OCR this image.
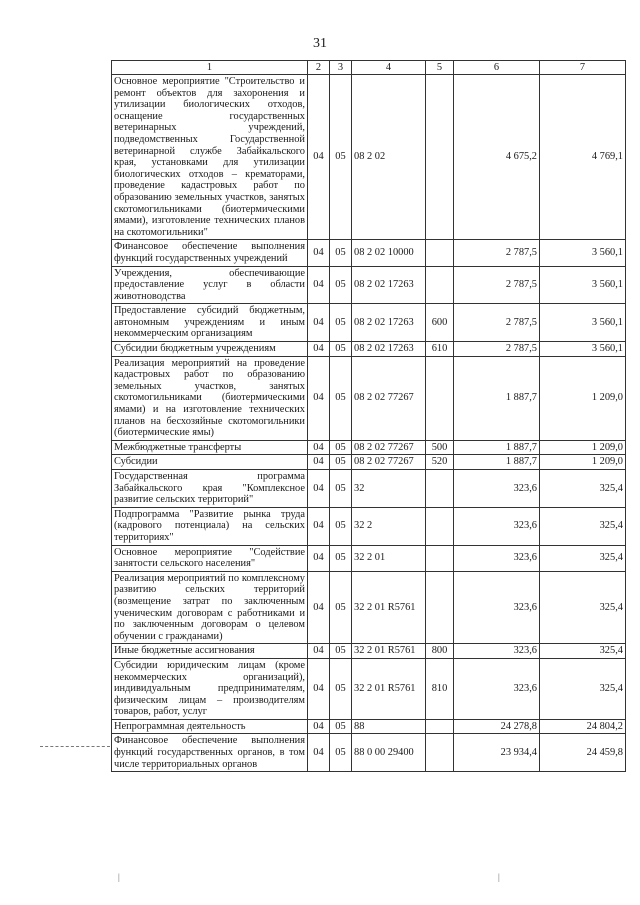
31
1	2	3	4	5	6	7
Основное мероприятие "Строительство и ремонт объектов для захоронения и утилизации биологических отходов, оснащение государственных ветеринарных учреждений, подведомственных Государственной ветеринарной службе Забайкальского края, установками для утилизации биологических отходов – крематорами, проведение кадастровых работ по образованию земельных участков, занятых скотомогильниками (биотермическими ямами), изготовление технических планов на скотомогильники"	04	05	08 2 02		4 675,2	4 769,1
Финансовое обеспечение выполнения функций государственных учреждений	04	05	08 2 02 10000		2 787,5	3 560,1
Учреждения, обеспечивающие предоставление услуг в области животноводства	04	05	08 2 02 17263		2 787,5	3 560,1
Предоставление субсидий бюджетным, автономным учреждениям и иным некоммерческим организациям	04	05	08 2 02 17263	600	2 787,5	3 560,1
Субсидии бюджетным учреждениям	04	05	08 2 02 17263	610	2 787,5	3 560,1
Реализация мероприятий на проведение кадастровых работ по образованию земельных участков, занятых скотомогильниками (биотермическими ямами) и на изготовление технических планов на бесхозяйные скотомогильники (биотермические ямы)	04	05	08 2 02 77267		1 887,7	1 209,0
Межбюджетные трансферты	04	05	08 2 02 77267	500	1 887,7	1 209,0
Субсидии	04	05	08 2 02 77267	520	1 887,7	1 209,0
Государственная программа Забайкальского края "Комплексное развитие сельских территорий"	04	05	32		323,6	325,4
Подпрограмма "Развитие рынка труда (кадрового потенциала) на сельских территориях"	04	05	32 2		323,6	325,4
Основное мероприятие "Содействие занятости сельского населения"	04	05	32 2 01		323,6	325,4
Реализация мероприятий по комплексному развитию сельских территорий (возмещение затрат по заключенным ученическим договорам с работниками и по заключенным договорам о целевом обучении с гражданами)	04	05	32 2 01 R5761		323,6	325,4
Иные бюджетные ассигнования	04	05	32 2 01 R5761	800	323,6	325,4
Субсидии юридическим лицам (кроме некоммерческих организаций), индивидуальным предпринимателям, физическим лицам – производителям товаров, работ, услуг	04	05	32 2 01 R5761	810	323,6	325,4
Непрограммная деятельность	04	05	88		24 278,8	24 804,2
Финансовое обеспечение выполнения функций государственных органов, в том числе территориальных органов	04	05	88 0 00 29400		23 934,4	24 459,8
|	|
